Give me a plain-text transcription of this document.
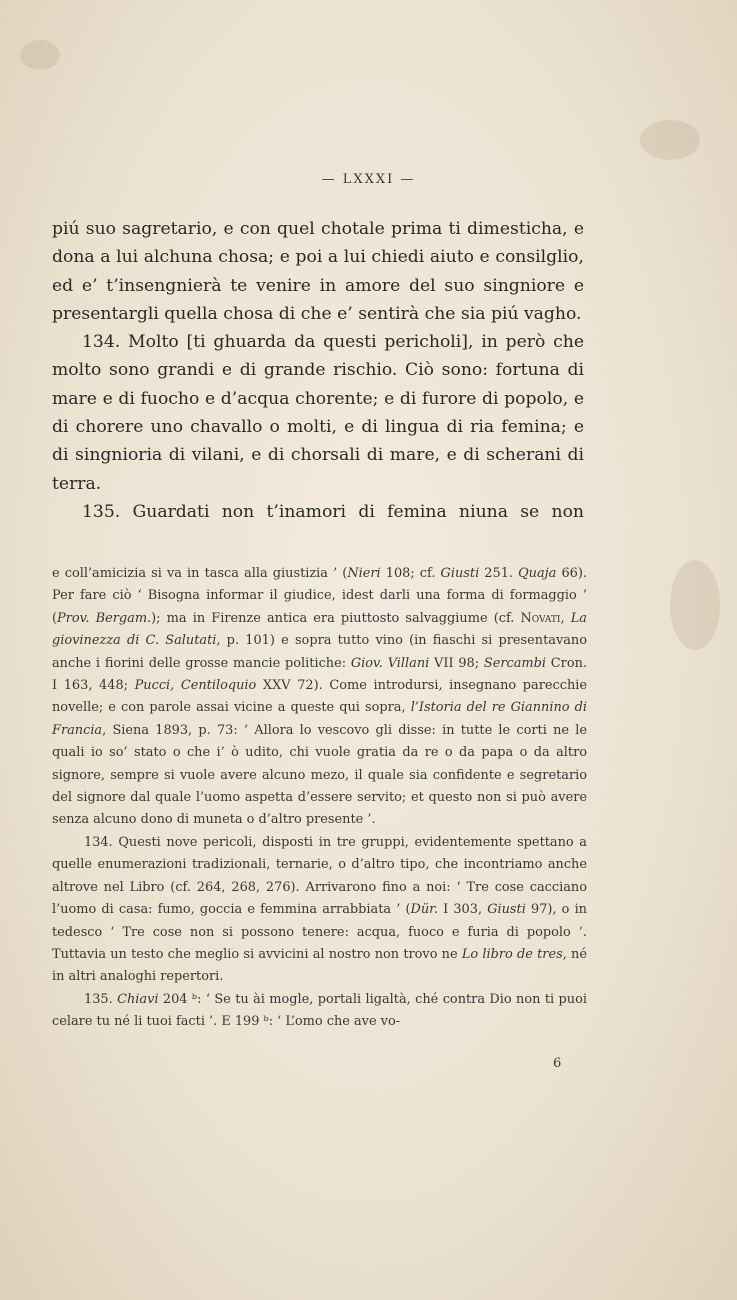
— LXXXI —

piú suo sagretario, e con quel chotale prima ti dimesticha, e dona a lui alchuna chosa; e poi a lui chiedi aiuto e consilglio, ed e’ t’insengnierà te venire in amore del suo singniore e presentargli quella chosa di che e’ sentirà che sia piú vagho.

134. Molto [ti ghuarda da questi pericholi], in però che molto sono grandi e di grande rischio. Ciò sono: fortuna di mare e di fuocho e d’acqua chorente; e di furore di popolo, e di chorere uno chavallo o molti, e di lingua di ria femina; e di singnioria di vilani, e di chorsali di mare, e di scherani di terra.

135. Guardati non t’inamori di femina niuna se non

e coll’amicizia si va in tasca alla giustizia ’ (Nieri 108; cf. Giusti 251. Quaja 66). Per fare ciò ‘ Bisogna informar il giudice, idest darli una forma di formaggio ’ (Prov. Bergam.); ma in Firenze antica era piuttosto salvaggiume (cf. Novati, La giovinezza di C. Salutati, p. 101) e sopra tutto vino (in fiaschi si presentavano anche i fiorini delle grosse mancie politiche: Giov. Villani VII 98; Sercambi Cron. I 163, 448; Pucci, Centiloquio XXV 72). Come introdursi, insegnano parecchie novelle; e con parole assai vicine a queste qui sopra, l’Istoria del re Giannino di Francia, Siena 1893, p. 73: ‘ Allora lo vescovo gli disse: in tutte le corti ne le quali io so’ stato o che i’ ò udito, chi vuole gratia da re o da papa o da altro signore, sempre si vuole avere alcuno mezo, il quale sia confidente e segretario del signore dal quale l’uomo aspetta d’essere servito; et questo non si può avere senza alcuno dono di muneta o d’altro presente ’.

134. Questi nove pericoli, disposti in tre gruppi, evidentemente spettano a quelle enumerazioni tradizionali, ternarie, o d’altro tipo, che incontriamo anche altrove nel Libro (cf. 264, 268, 276). Arrivarono fino a noi: ‘ Tre cose cacciano l’uomo di casa: fumo, goccia e femmina arrabbiata ’ (Dür. I 303, Giusti 97), o in tedesco ‘ Tre cose non si possono tenere: acqua, fuoco e furia di popolo ’. Tuttavia un testo che meglio si avvicini al nostro non trovo ne Lo libro de tres, né in altri analoghi repertori.

135. Chiavi 204 ᵇ: ‘ Se tu ài mogle, portali ligaltà, ché contra Dio non ti puoi celare tu né li tuoi facti ’. E 199 ᵇ: ‘ L’omo che ave vo-

6
